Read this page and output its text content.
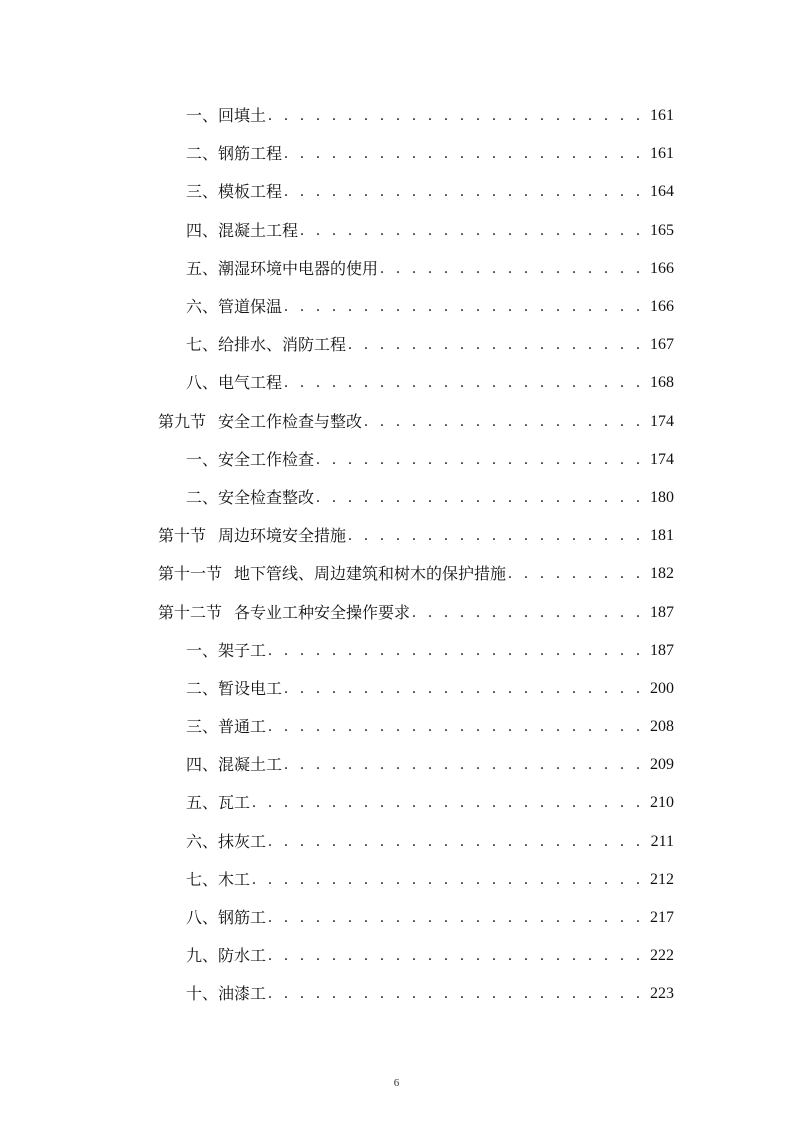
一、 回填土 . . .	161
二、 钢筋工程 . . .	161
三、 模板工程 . . .	164
四、 混凝土工程 . . .	165
五、 潮湿环境中电器的使用 . . .	166
六、 管道保温 . . .	166
七、 给排水、消防工程 . . .	167
八、 电气工程 . . .	168
第九节 安全工作检查与整改 . . .	174
一、 安全工作检查 . . .	174
二、 安全检查整改 . . .	180
第十节 周边环境安全措施 . . .	181
第十一节 地下管线、周边建筑和树木的保护措施 . . .	182
第十二节 各专业工种安全操作要求 . . .	187
一、 架子工 . . .	187
二、 暂设电工 . . .	200
三、 普通工 . . .	208
四、 混凝土工 . . .	209
五、 瓦工 . . .	210
六、 抹灰工 . . .	211
七、 木工 . . .	212
八、 钢筋工 . . .	217
九、 防水工 . . .	222
十、 油漆工 . . .	223
6
